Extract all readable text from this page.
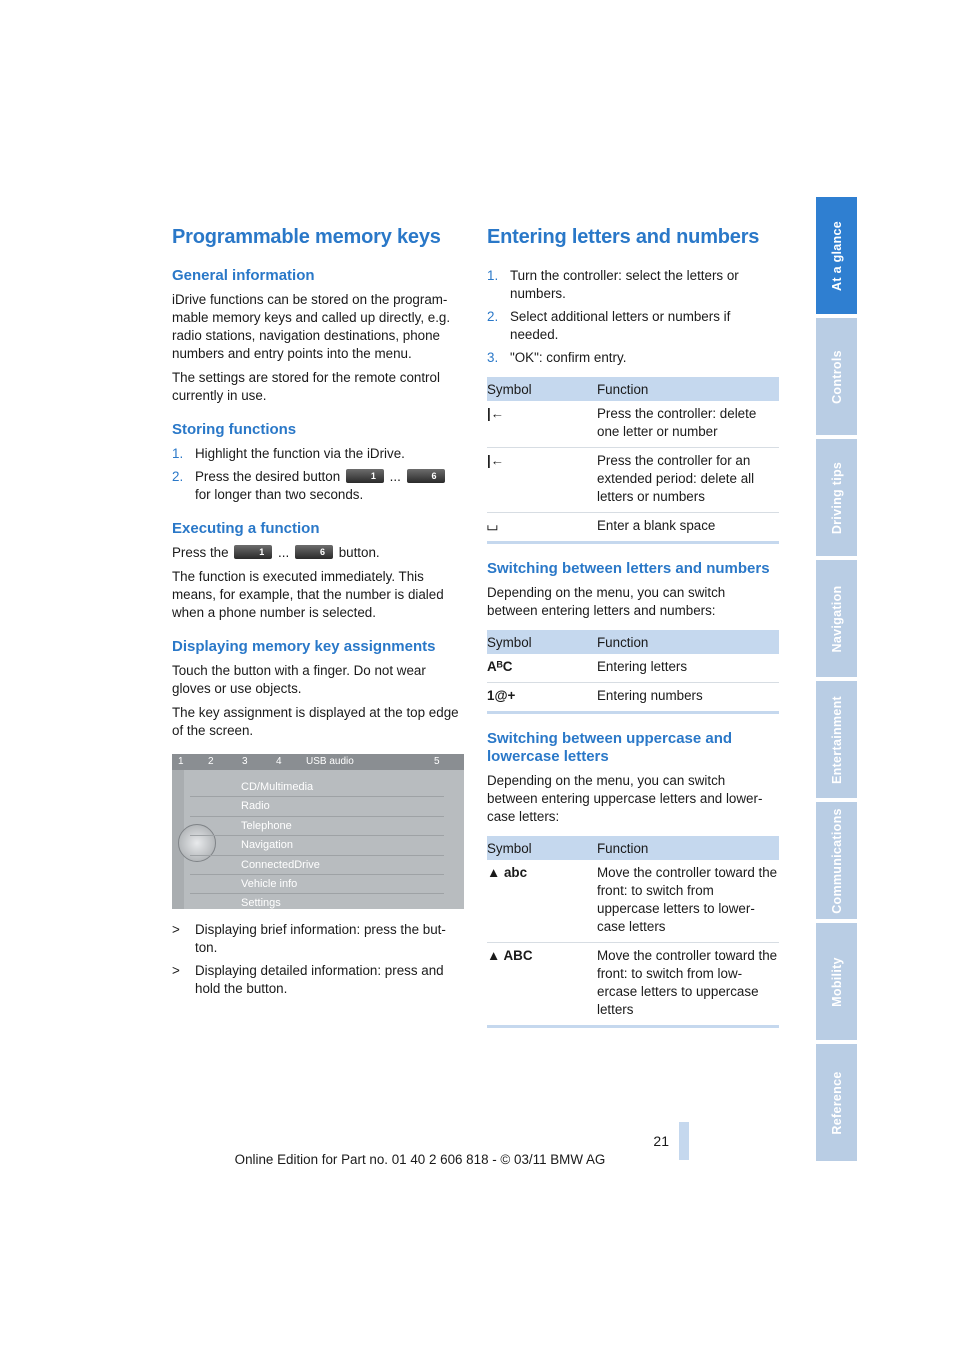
Programmable memory keys
General information

iDrive functions can be stored on the program-mable memory keys and called up directly, e.g. radio stations, navigation destinations, phone numbers and entry points into the menu.

The settings are stored for the remote control currently in use.

Storing functions
1. Highlight the function via the iDrive.
2. Press the desired button	1 ...	6
for longer than two seconds.
Executing a function

Press the	1 ...	6 button.

The function is executed immediately. This means, for example, that the number is dialed when a phone number is selected.

Displaying memory key assignments

Touch the button with a finger. Do not wear gloves or use objects.

The key assignment is displayed at the top edge of the screen.

1 2	3	4 USB audio	5
CD/Multimedia
Radio
Telephone
Navigation
ConnectedDrive
Vehicle info
Settings
> Displaying brief information: press the but-ton.
> Displaying detailed information: press and hold the button.
Entering letters and numbers
1. Turn the controller: select the letters or numbers.
2. Select additional letters or numbers if needed.
3. "OK": confirm entry.
Symbol	Function
|←	Press the controller: delete one letter or number
|←	Press the controller for an extended period: delete all letters or numbers
⌴	Enter a blank space
Switching between letters and numbers

Depending on the menu, you can switch between entering letters and numbers:

Symbol	Function
AᴮC	Entering letters
1@+	Entering numbers
Switching between uppercase and lowercase letters

Depending on the menu, you can switch between entering uppercase letters and lower-case letters:

Symbol	Function
▲ abc	Move the controller toward the front: to switch from uppercase letters to lower-case letters
▲ ABC	Move the controller toward the front: to switch from low-ercase letters to uppercase letters
At a glance
Controls
Driving tips
Navigation
Entertainment
Communications
Mobility
Reference
21
Online Edition for Part no. 01 40 2 606 818 - © 03/11 BMW AG
